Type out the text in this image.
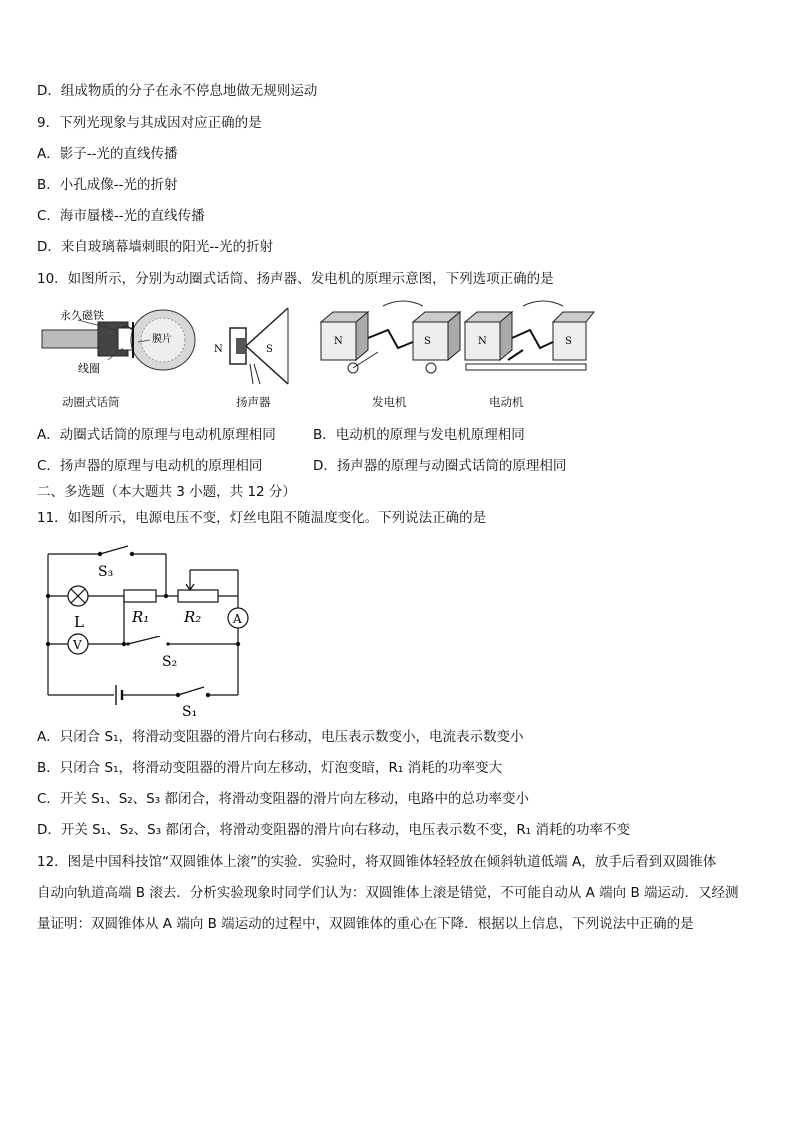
D．组成物质的分子在永不停息地做无规则运动
9．下列光现象与其成因对应正确的是
A．影子--光的直线传播
B．小孔成像--光的折射
C．海市蜃楼--光的直线传播
D．来自玻璃幕墙刺眼的阳光--光的折射
10．如图所示，分别为动圈式话筒、扬声器、发电机的原理示意图，下列选项正确的是
永久磁铁
膜片
线圈
N	S
N	S	N	S
动圈式话筒	扬声器	发电机	电动机
A．动圈式话筒的原理与电动机原理相同	B．电动机的原理与发电机原理相同
C．扬声器的原理与电动机的原理相同	D．扬声器的原理与动圈式话筒的原理相同
二、多选题（本大题共 3 小题，共 12 分）
11．如图所示，电源电压不变，灯丝电阻不随温度变化。下列说法正确的是
S₃
R₁ R₂
L
V
A
S₂
S₁
A．只闭合 S₁，将滑动变阻器的滑片向右移动，电压表示数变小，电流表示数变小
B．只闭合 S₁，将滑动变阻器的滑片向左移动，灯泡变暗，R₁ 消耗的功率变大
C．开关 S₁、S₂、S₃ 都闭合，将滑动变阻器的滑片向左移动，电路中的总功率变小
D．开关 S₁、S₂、S₃ 都闭合，将滑动变阻器的滑片向右移动，电压表示数不变，R₁ 消耗的功率不变
12．图是中国科技馆“双圆锥体上滚”的实验．实验时，将双圆锥体轻轻放在倾斜轨道低端 A，放手后看到双圆锥体
自动向轨道高端 B 滚去．分析实验现象时同学们认为：双圆锥体上滚是错觉，不可能自动从 A 端向 B 端运动．又经测
量证明：双圆锥体从 A 端向 B 端运动的过程中，双圆锥体的重心在下降．根据以上信息，下列说法中正确的是
